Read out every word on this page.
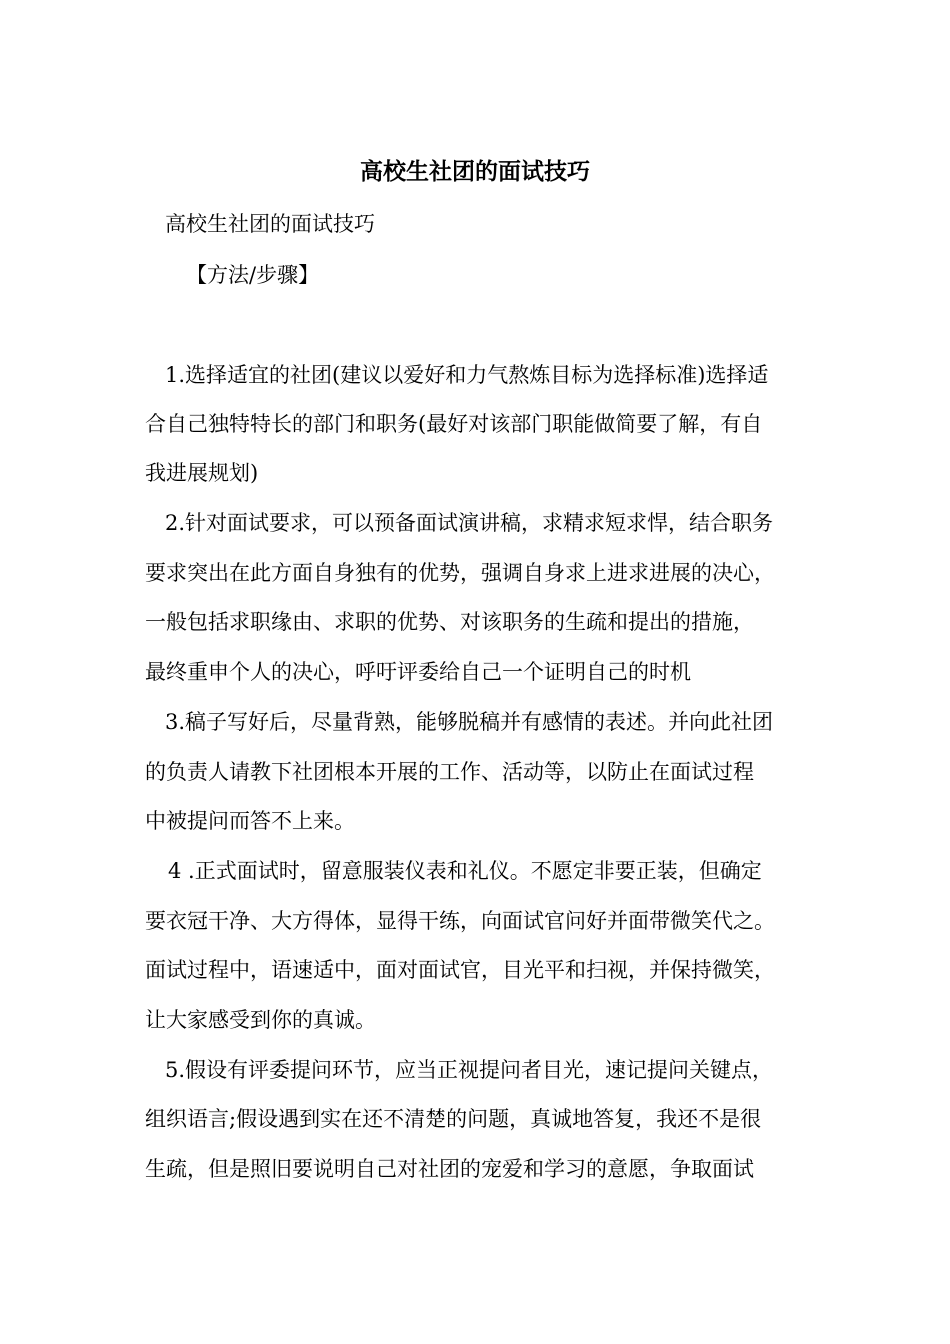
高校生社团的面试技巧

高校生社团的面试技巧

【方法/步骤】

1.选择适宜的社团(建议以爱好和力气熬炼目标为选择标准)选择适

合自己独特特长的部门和职务(最好对该部门职能做简要了解，有自

我进展规划)

2.针对面试要求，可以预备面试演讲稿，求精求短求悍，结合职务

要求突出在此方面自身独有的优势，强调自身求上进求进展的决心，

一般包括求职缘由、求职的优势、对该职务的生疏和提出的措施，

最终重申个人的决心，呼吁评委给自己一个证明自己的时机

3.稿子写好后，尽量背熟，能够脱稿并有感情的表述。并向此社团

的负责人请教下社团根本开展的工作、活动等，以防止在面试过程

中被提问而答不上来。

4 .正式面试时，留意服装仪表和礼仪。不愿定非要正装，但确定

要衣冠干净、大方得体，显得干练，向面试官问好并面带微笑代之。

面试过程中，语速适中，面对面试官，目光平和扫视，并保持微笑，

让大家感受到你的真诚。

5.假设有评委提问环节，应当正视提问者目光，速记提问关键点，

组织语言;假设遇到实在还不清楚的问题，真诚地答复，我还不是很

生疏，但是照旧要说明自己对社团的宠爱和学习的意愿，争取面试
